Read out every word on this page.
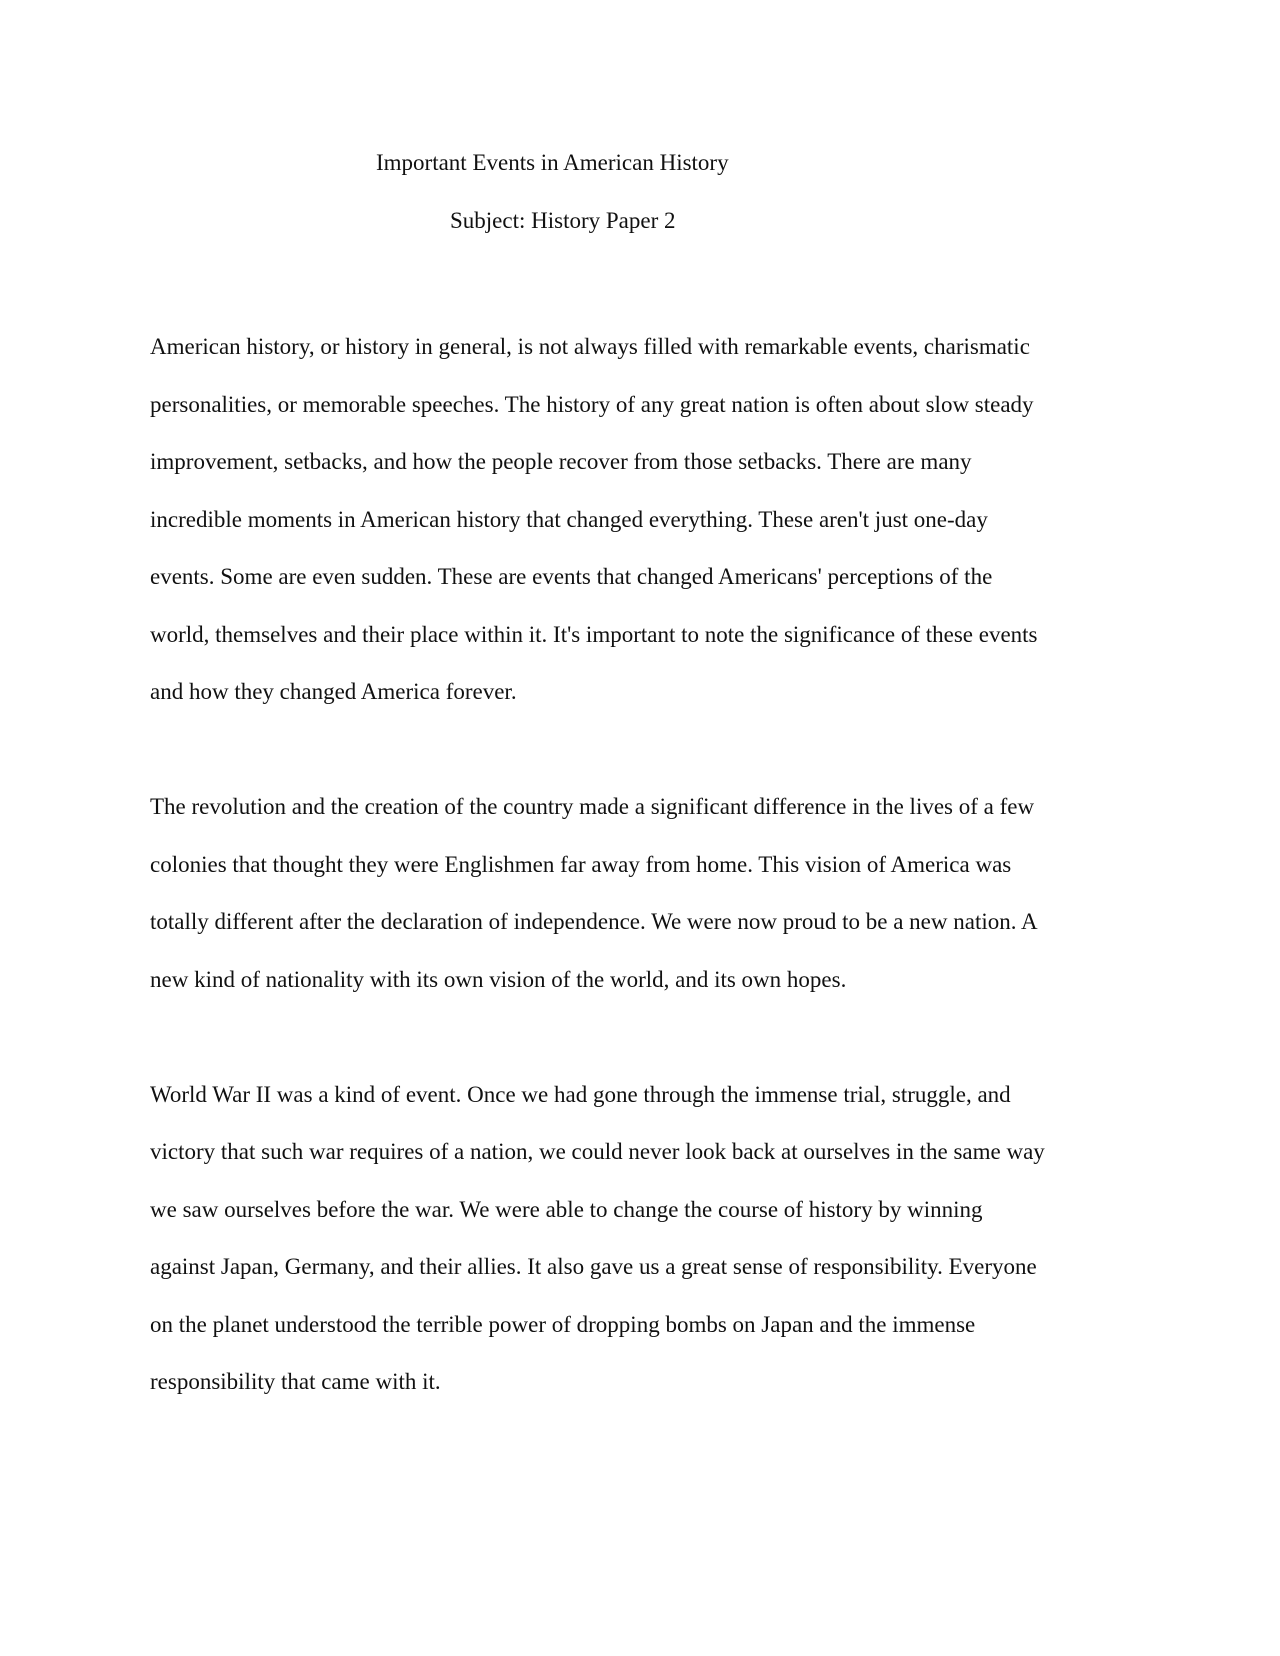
Important Events in American History
Subject: History Paper 2

American history, or history in general, is not always filled with remarkable events, charismatic
personalities, or memorable speeches. The history of any great nation is often about slow steady
improvement, setbacks, and how the people recover from those setbacks. There are many
incredible moments in American history that changed everything. These aren't just one-day
events. Some are even sudden. These are events that changed Americans' perceptions of the
world, themselves and their place within it. It's important to note the significance of these events
and how they changed America forever.

The revolution and the creation of the country made a significant difference in the lives of a few
colonies that thought they were Englishmen far away from home. This vision of America was
totally different after the declaration of independence. We were now proud to be a new nation. A
new kind of nationality with its own vision of the world, and its own hopes.

World War II was a kind of event. Once we had gone through the immense trial, struggle, and
victory that such war requires of a nation, we could never look back at ourselves in the same way
we saw ourselves before the war. We were able to change the course of history by winning
against Japan, Germany, and their allies. It also gave us a great sense of responsibility. Everyone
on the planet understood the terrible power of dropping bombs on Japan and the immense
responsibility that came with it.
